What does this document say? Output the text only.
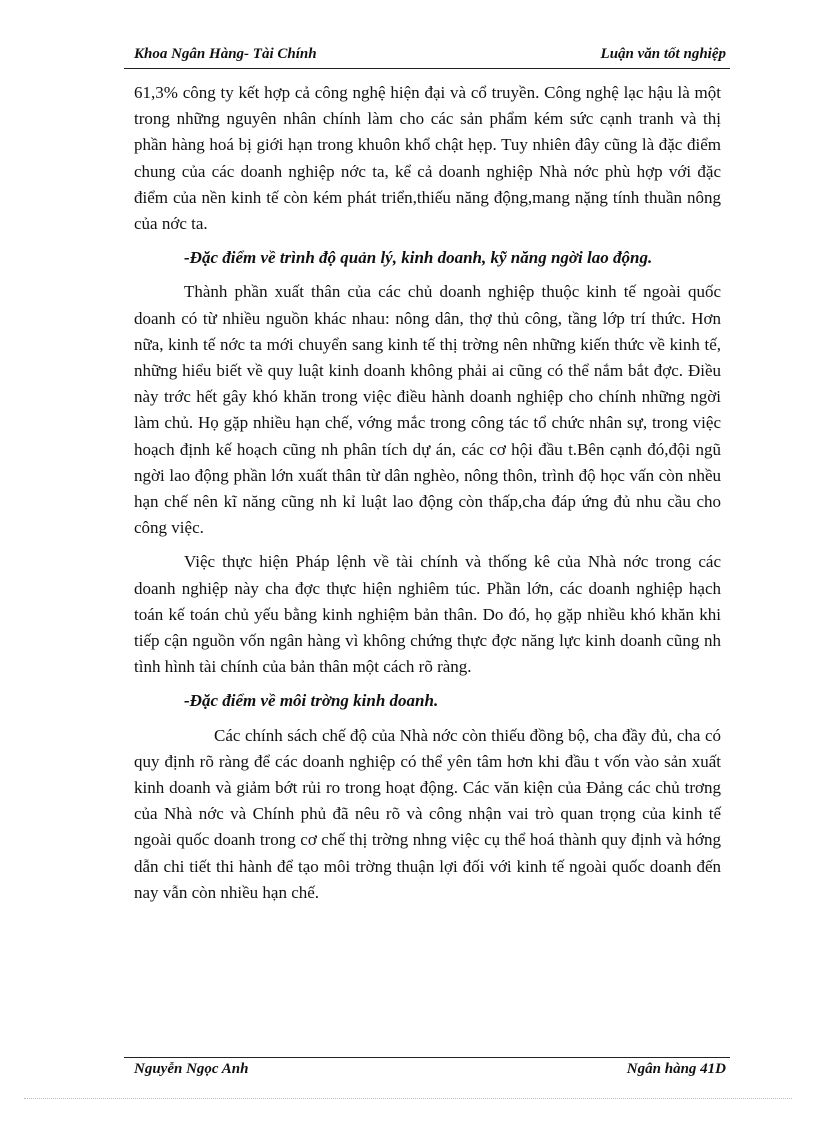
Khoa Ngân Hàng- Tài Chính	Luận văn tốt nghiệp

61,3% công ty kết hợp cả công nghệ hiện đại và cổ truyền. Công nghệ lạc hậu là một trong những nguyên nhân chính làm cho các sản phẩm kém sức cạnh tranh và thị phần hàng hoá bị giới hạn trong khuôn khổ chật hẹp. Tuy nhiên đây cũng là đặc điểm chung của các doanh nghiệp nớc ta, kể cả doanh nghiệp Nhà nớc phù hợp với đặc điểm của nền kinh tế còn kém phát triển,thiếu năng động,mang nặng tính thuần nông của nớc ta.

-Đặc điểm về trình độ quản lý, kinh doanh, kỹ năng ngời lao động.

Thành phần xuất thân của các chủ doanh nghiệp thuộc kinh tế ngoài quốc doanh có từ nhiều nguồn khác nhau: nông dân, thợ thủ công, tầng lớp trí thức. Hơn nữa, kinh tế nớc ta mới chuyển sang kinh tế thị trờng nên những kiến thức về kinh tế, những hiểu biết về quy luật kinh doanh không phải ai cũng có thể nắm bắt đợc. Điều này trớc hết gây khó khăn trong việc điều hành doanh nghiệp cho chính những ngời làm chủ. Họ gặp nhiều hạn chế, vớng mắc trong công tác tổ chức nhân sự, trong việc hoạch định kế hoạch cũng nh phân tích dự án, các cơ hội đầu t.Bên cạnh đó,đội ngũ ngời lao động phần lớn xuất thân từ dân nghèo, nông thôn, trình độ học vấn còn nhều hạn chế nên kĩ năng cũng nh kỉ luật lao động còn thấp,cha đáp ứng đủ nhu cầu cho công việc.

Việc thực hiện Pháp lệnh về tài chính và thống kê của Nhà nớc trong các doanh nghiệp này cha đợc thực hiện nghiêm túc. Phần lớn, các doanh nghiệp hạch toán kế toán chủ yếu bằng kinh nghiệm bản thân. Do đó, họ gặp nhiều khó khăn khi tiếp cận nguồn vốn ngân hàng vì không chứng thực đợc năng lực kinh doanh cũng nh tình hình tài chính của bản thân một cách rõ ràng.

-Đặc điểm về môi trờng kinh doanh.

Các chính sách chế độ của Nhà nớc còn thiếu đồng bộ, cha đầy đủ, cha có quy định rõ ràng để các doanh nghiệp có thể yên tâm hơn khi đầu t vốn vào sản xuất kinh doanh và giảm bớt rủi ro trong hoạt động. Các văn kiện của Đảng các chủ trơng của Nhà nớc và Chính phủ đã nêu rõ và công nhận vai trò quan trọng của kinh tế ngoài quốc doanh trong cơ chế thị trờng nhng việc cụ thể hoá thành quy định và hớng dẫn chi tiết thi hành để tạo môi trờng thuận lợi đối với kinh tế ngoài quốc doanh đến nay vẫn còn nhiều hạn chế.

Nguyễn Ngọc Anh	Ngân hàng 41D
